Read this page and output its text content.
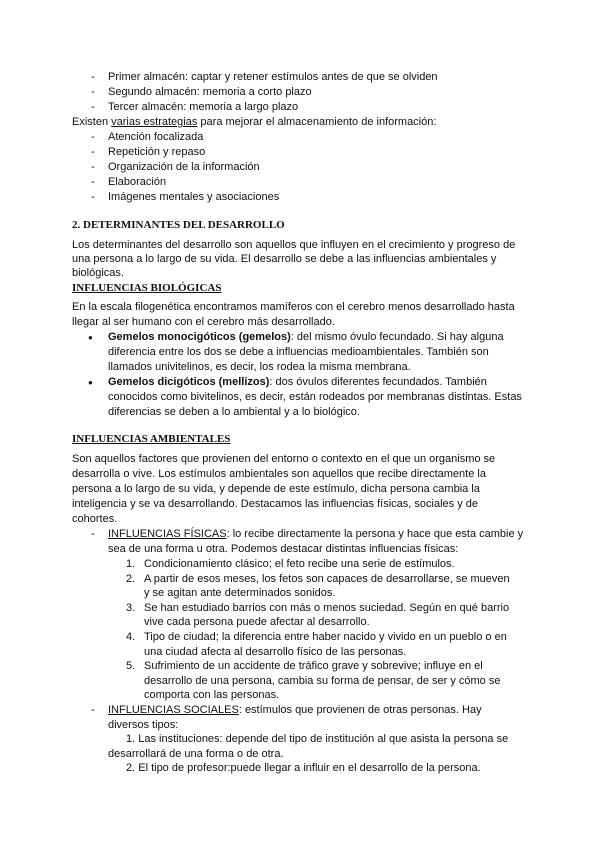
- Primer almacén: captar y retener estímulos antes de que se olviden
- Segundo almacén: memoria a corto plazo
- Tercer almacén: memoria a largo plazo
Existen varias estrategias para mejorar el almacenamiento de información:
- Atención focalizada
- Repetición y repaso
- Organización de la información
- Elaboración
- Imágenes mentales y asociaciones
2. DETERMINANTES DEL DESARROLLO
Los determinantes del desarrollo son aquellos que influyen en el crecimiento y progreso de
una persona a lo largo de su vida. El desarrollo se debe a las influencias ambientales y
biológicas.
INFLUENCIAS BIOLÓGICAS
En la escala filogenética encontramos mamíferos con el cerebro menos desarrollado hasta
llegar al ser humano con el cerebro más desarrollado.
● Gemelos monocigóticos (gemelos): del mismo óvulo fecundado. Si hay alguna
diferencia entre los dos se debe a influencias medioambientales. También son
llamados univitelinos, es decir, los rodea la misma membrana.
● Gemelos dicigóticos (mellizos): dos óvulos diferentes fecundados. También
conocidos como bivitelinos, es decir, están rodeados por membranas distintas. Estas
diferencias se deben a lo ambiental y a lo biológico.
INFLUENCIAS AMBIENTALES
Son aquellos factores que provienen del entorno o contexto en el que un organismo se
desarrolla o vive. Los estímulos ambientales son aquellos que recibe directamente la
persona a lo largo de su vida, y depende de este estímulo, dicha persona cambia la
inteligencia y se va desarrollando. Destacamos las influencias físicas, sociales y de
cohortes.
- INFLUENCIAS FÍSICAS: lo recibe directamente la persona y hace que esta cambie y
sea de una forma u otra. Podemos destacar distintas influencias físicas:
1. Condicionamiento clásico; el feto recibe una serie de estímulos.
2. A partir de esos meses, los fetos son capaces de desarrollarse, se mueven
y se agitan ante determinados sonidos.
3. Se han estudiado barrios con más o menos suciedad. Según en qué barrio
vive cada persona puede afectar al desarrollo.
4. Tipo de ciudad; la diferencia entre haber nacido y vivido en un pueblo o en
una ciudad afecta al desarrollo físico de las personas.
5. Sufrimiento de un accidente de tráfico grave y sobrevive; influye en el
desarrollo de una persona, cambia su forma de pensar, de ser y cómo se
comporta con las personas.
- INFLUENCIAS SOCIALES: estímulos que provienen de otras personas. Hay
diversos tipos:
1. Las instituciones: depende del tipo de institución al que asista la persona se
desarrollará de una forma o de otra.
2. El tipo de profesor:puede llegar a influir en el desarrollo de la persona.
